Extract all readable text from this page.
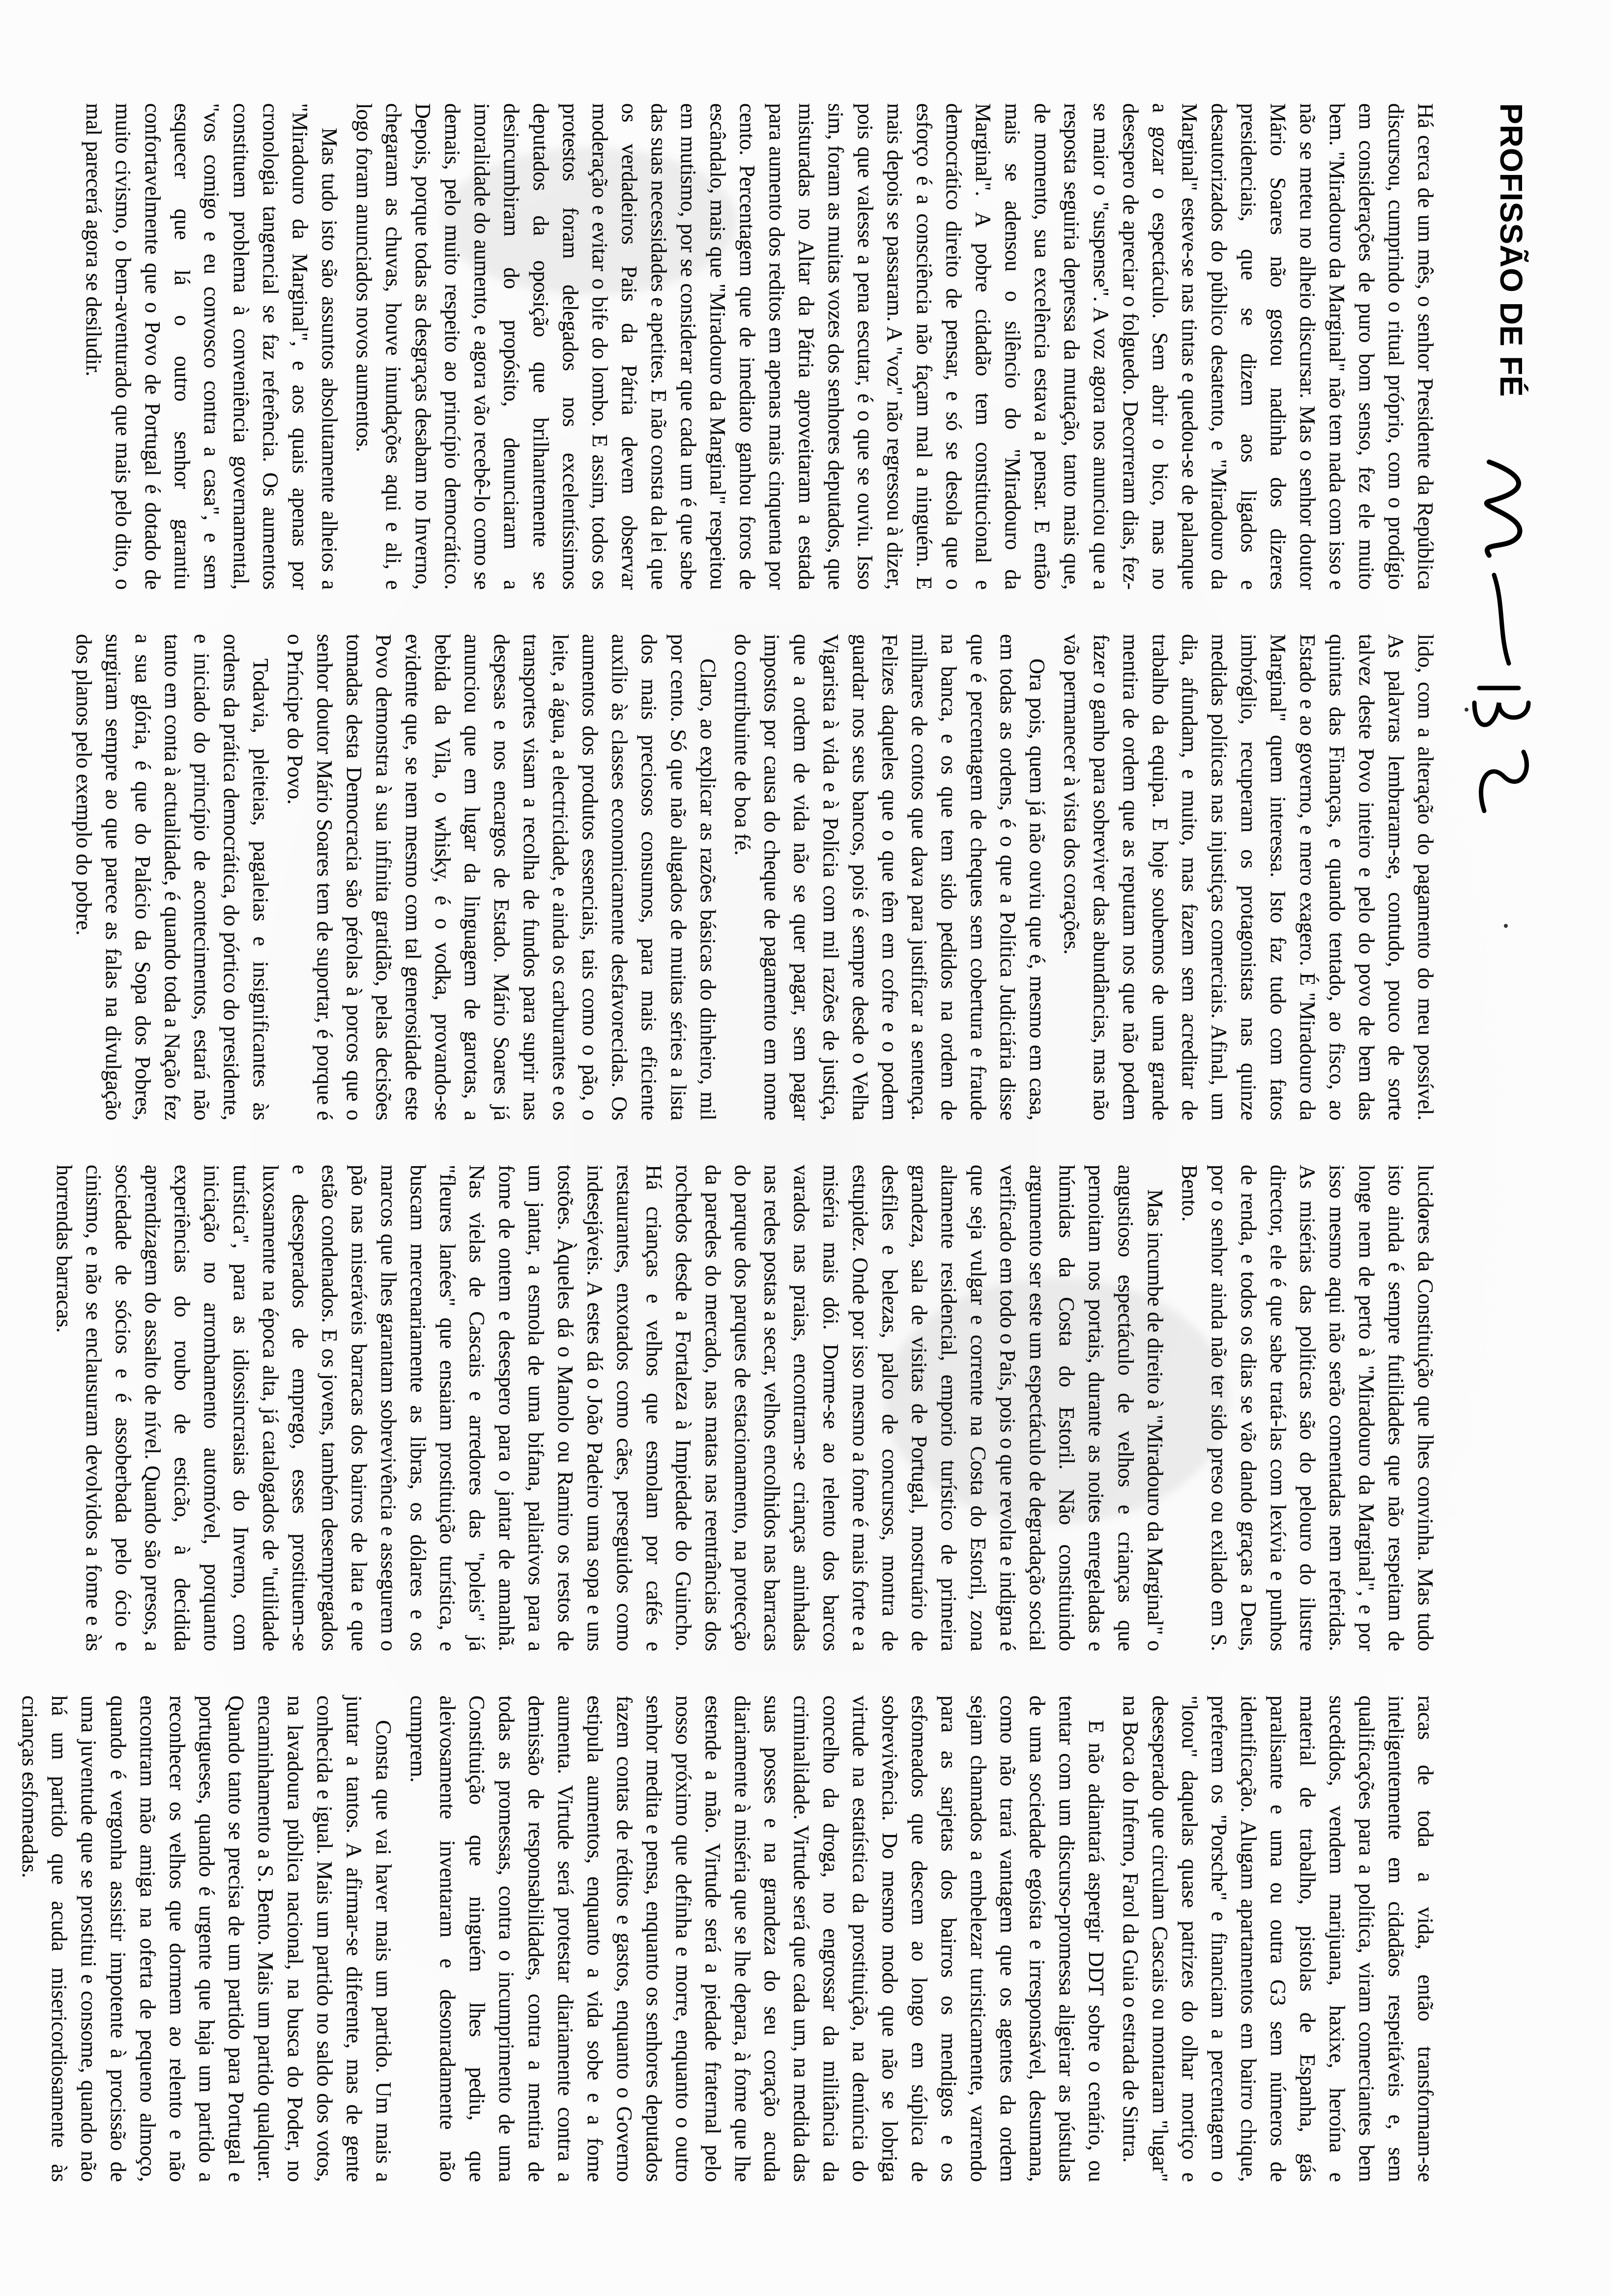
PROFISSÃO DE FÉ

Há cerca de um mês, o senhor Presidente da República discursou, cumprindo o ritual próprio, com o prodígio em considerações de puro bom senso, fez ele muito bem. "Miradouro da Marginal" não tem nada com isso e não se meteu no alheio discursar. Mas o senhor doutor Mário Soares não gostou nadinha dos dizeres presidenciais, que se dizem aos ligados e desautorizados do público desatento, e "Miradouro da Marginal" esteve-se nas tintas e quedou-se de palanque a gozar o espectáculo. Sem abrir o bico, mas no desespero de apreciar o folguedo. Decorreram dias, fez-se maior o "suspense". A voz agora nos anunciou que a resposta seguiria depressa da mutação, tanto mais que, de momento, sua excelência estava a pensar. E então mais se adensou o silêncio do "Miradouro da Marginal". A pobre cidadão tem constitucional e democrático direito de pensar, e só se desola que o esforço é a consciência não façam mal a ninguém. E mais depois se passaram. A "voz" não regressou à dizer, pois que valesse a pena escutar, é o que se ouviu. Isso sim, foram as muitas vozes dos senhores deputados, que misturadas no Altar da Pátria aproveitaram a estada para aumento dos reditos em apenas mais cinquenta por cento. Percentagem que de imediato ganhou foros de escândalo, mais que "Miradouro da Marginal" respeitou em mutismo, por se considerar que cada um é que sabe das suas necessidades e apetites. E não consta da lei que os verdadeiros Pais da Pátria devem observar moderação e evitar o bife do lombo. E assim, todos os protestos foram delegados nos excelentíssimos deputados da oposição que brilhantemente se desincumbiram do propósito, denunciaram a imoralidade do aumento, e agora vão recebê-lo como se demais, pelo muito respeito ao princípio democrático. Depois, porque todas as desgraças desabam no Inverno, chegaram as chuvas, houve inundações aqui e ali, e logo foram anunciados novos aumentos.

Mas tudo isto são assuntos absolutamente alheios a "Miradouro da Marginal", e aos quais apenas por cronologia tangencial se faz referência. Os aumentos constituem problema à conveniência governamental, "vos comigo e eu convosco contra a casa", e sem esquecer que lá o outro senhor garantiu confortavelmente que o Povo de Portugal é dotado de muito civismo, o bem-aventurado que mais pelo dito, o mal parecerá agora se desiludir.

lido, com a alteração do pagamento do meu possível. As palavras lembraram-se, contudo, pouco de sorte talvez deste Povo inteiro e pelo do povo de bem das quintas das Finanças, e quando tentado, ao fisco, ao Estado e ao governo, e mero exagero. É "Miradouro da Marginal" quem interessa. Isto faz tudo com fatos imbróglio, recuperam os protagonistas nas quinze medidas políticas nas injustiças comerciais. Afinal, um dia, afundam, e muito, mas fazem sem acreditar de trabalho da equipa. E hoje soubemos de uma grande mentira de ordem que as reputam nos que não podem fazer o ganho para sobreviver das abundâncias, mas não vão permanecer à vista dos corações.

Ora pois, quem já não ouviu que é, mesmo em casa, em todas as ordens, é o que a Política Judiciária disse que é percentagem de cheques sem cobertura e fraude na banca, e os que tem sido pedidos na ordem de milhares de contos que dava para justificar a sentença. Felizes daqueles que o que têm em cofre e o podem guardar nos seus bancos, pois é sempre desde o Velha Vigarista à vida e à Polícia com mil razões de justiça, que a ordem de vida não se quer pagar, sem pagar impostos por causa do cheque de pagamento em nome do contribuinte de boa fé.

Claro, ao explicar as razões básicas do dinheiro, mil por cento. Só que não alugados de muitas séries a lista dos mais preciosos consumos, para mais eficiente auxílio às classes economicamente desfavorecidas. Os aumentos dos produtos essenciais, tais como o pão, o leite, a água, a electricidade, e ainda os carburantes e os transportes visam a recolha de fundos para suprir nas despesas e nos encargos de Estado. Mário Soares já anunciou que em lugar da linguagem de garotas, a bebida da Vila, o whisky, é o vodka, provando-se evidente que, se nem mesmo com tal generosidade este Povo demonstra à sua infinita gratidão, pelas decisões tomadas desta Democracia são pérolas à porcos que o senhor doutor Mário Soares tem de suportar, é porque é o Príncipe do Povo.

Todavia, pleiteias, pagaleias e insignificantes às ordens da prática democrática, do pórtico do presidente, e iniciado do princípio de acontecimentos, estará não tanto em conta à actualidade, é quando toda a Nação fez a sua glória, é que do Palácio da Sopa dos Pobres, surgiram sempre ao que parece as falas na divulgação dos planos pelo exemplo do pobre.

lucidores da Constituição que lhes convinha. Mas tudo isto ainda é sempre futilidades que não respeitam de longe nem de perto à "Miradouro da Marginal", e por isso mesmo aqui não serão comentadas nem referidas. As misérias das políticas são do pelouro do ilustre director, ele é que sabe tratá-las com lexívia e punhos de renda, e todos os dias se vão dando graças a Deus, por o senhor ainda não ter sido preso ou exilado em S. Bento.

Mas incumbe de direito à "Miradouro da Marginal" o angustioso espectáculo de velhos e crianças que pernoitam nos portais, durante as noites enregeladas e húmidas da Costa do Estoril. Não constituindo argumento ser este um espectáculo de degradação social verificado em todo o País, pois o que revolta e indigna é que seja vulgar e corrente na Costa do Estoril, zona altamente residencial, emporio turístico de primeira grandeza, sala de visitas de Portugal, mostruário de desfiles e belezas, palco de concursos, montra de estupidez. Onde por isso mesmo a fome é mais forte e a miséria mais dói. Dorme-se ao relento dos barcos varados nas praias, encontram-se crianças aninhadas nas redes postas a secar, velhos encolhidos nas barracas do parque dos parques de estacionamento, na protecção da paredes do mercado, nas matas nas reentrâncias dos rochedos desde a Fortaleza à Impiedade do Guincho. Há crianças e velhos que esmolam por cafés e restaurantes, enxotados como cães, perseguidos como indesejáveis. A estes dá o João Padeiro uma sopa e uns tostões. Àqueles dá o Manolo ou Ramiro os restos de um jantar, a esmola de uma bifana, paliativos para a fome de ontem e desespero para o jantar de amanhã. Nas vielas de Cascais e arredores das "poleis" já "fleures lanées" que ensaiam prostituição turística, e buscam mercenariamente as libras, os dólares e os marcos que lhes garantam sobrevivência e assegurem o pão nas miseráveis barracas dos bairros de lata e que estão condenados. E os jovens, também desempregados e desesperados de emprego, esses prostituem-se luxosamente na época alta, já catalogados de "utilidade turística", para as idiossincrasias do Inverno, com iniciação no arrombamento automóvel, porquanto experiências do roubo de esticão, à decidida aprendizagem do assalto de nível. Quando são presos, a sociedade de sócios e é assoberbada pelo ócio e cinismo, e não se enclausuram devolvidos a fome e às horrendas barracas.

racas de toda a vida, então transformam-se inteligentemente em cidadãos respeitáveis e, sem qualificações para a política, viram comerciantes bem sucedidos, vendem marijuana, haxixe, heroína e material de trabalho, pistolas de Espanha, gás paralisante e uma ou outra G3 sem números de identificação. Alugam apartamentos em bairro chique, preferem os "Porsche" e financiam a percentagem o "lotou" daquelas quase patrizes do olhar mortiço e desesperado que circulam Cascais ou montaram "lugar" na Boca do Inferno, Farol da Guia o estrada de Sintra.

E não adiantará aspergir DDT sobre o cenário, ou tentar com um discurso-promessa aligeirar as pústulas de uma sociedade egoísta e irresponsável, desumana, como não trará vantagem que os agentes da ordem sejam chamados a embelezar turisticamente, varrendo para as sarjetas dos bairros os mendigos e os esfomeados que descem ao longo em súplica de sobrevivência. Do mesmo modo que não se lobriga virtude na estatística da prostituição, na denúncia do concelho da droga, no engrossar da militância da criminalidade. Virtude será que cada um, na medida das suas posses e na grandeza do seu coração acuda diariamente à miséria que se lhe depara, à fome que lhe estende a mão. Virtude será a piedade fraternal pelo nosso próximo que definha e morre, enquanto o outro senhor medita e pensa, enquanto os senhores deputados fazem contas de réditos e gastos, enquanto o Governo estipula aumentos, enquanto a vida sobe e a fome aumenta. Virtude será protestar diariamente contra a demissão de responsabilidades, contra a mentira de todas as promessas, contra o incumprimento de uma Constituição que ninguém lhes pediu, que aleivosamente inventaram e desonradamente não cumprem.

Consta que vai haver mais um partido. Um mais a juntar a tantos. A afirmar-se diferente, mas de gente conhecida e igual. Mais um partido no saldo dos votos, na lavadoura pública nacional, na busca do Poder, no encaminhamento a S. Bento. Mais um partido qualquer. Quando tanto se precisa de um partido para Portugal e portugueses, quando é urgente que haja um partido a reconhecer os velhos que dormem ao relento e não encontram mão amiga na oferta de pequeno almoço, quando é vergonha assistir impotente à procissão de uma juventude que se prostitui e consome, quando não há um partido que acuda misericordiosamente às crianças esfomeadas.
